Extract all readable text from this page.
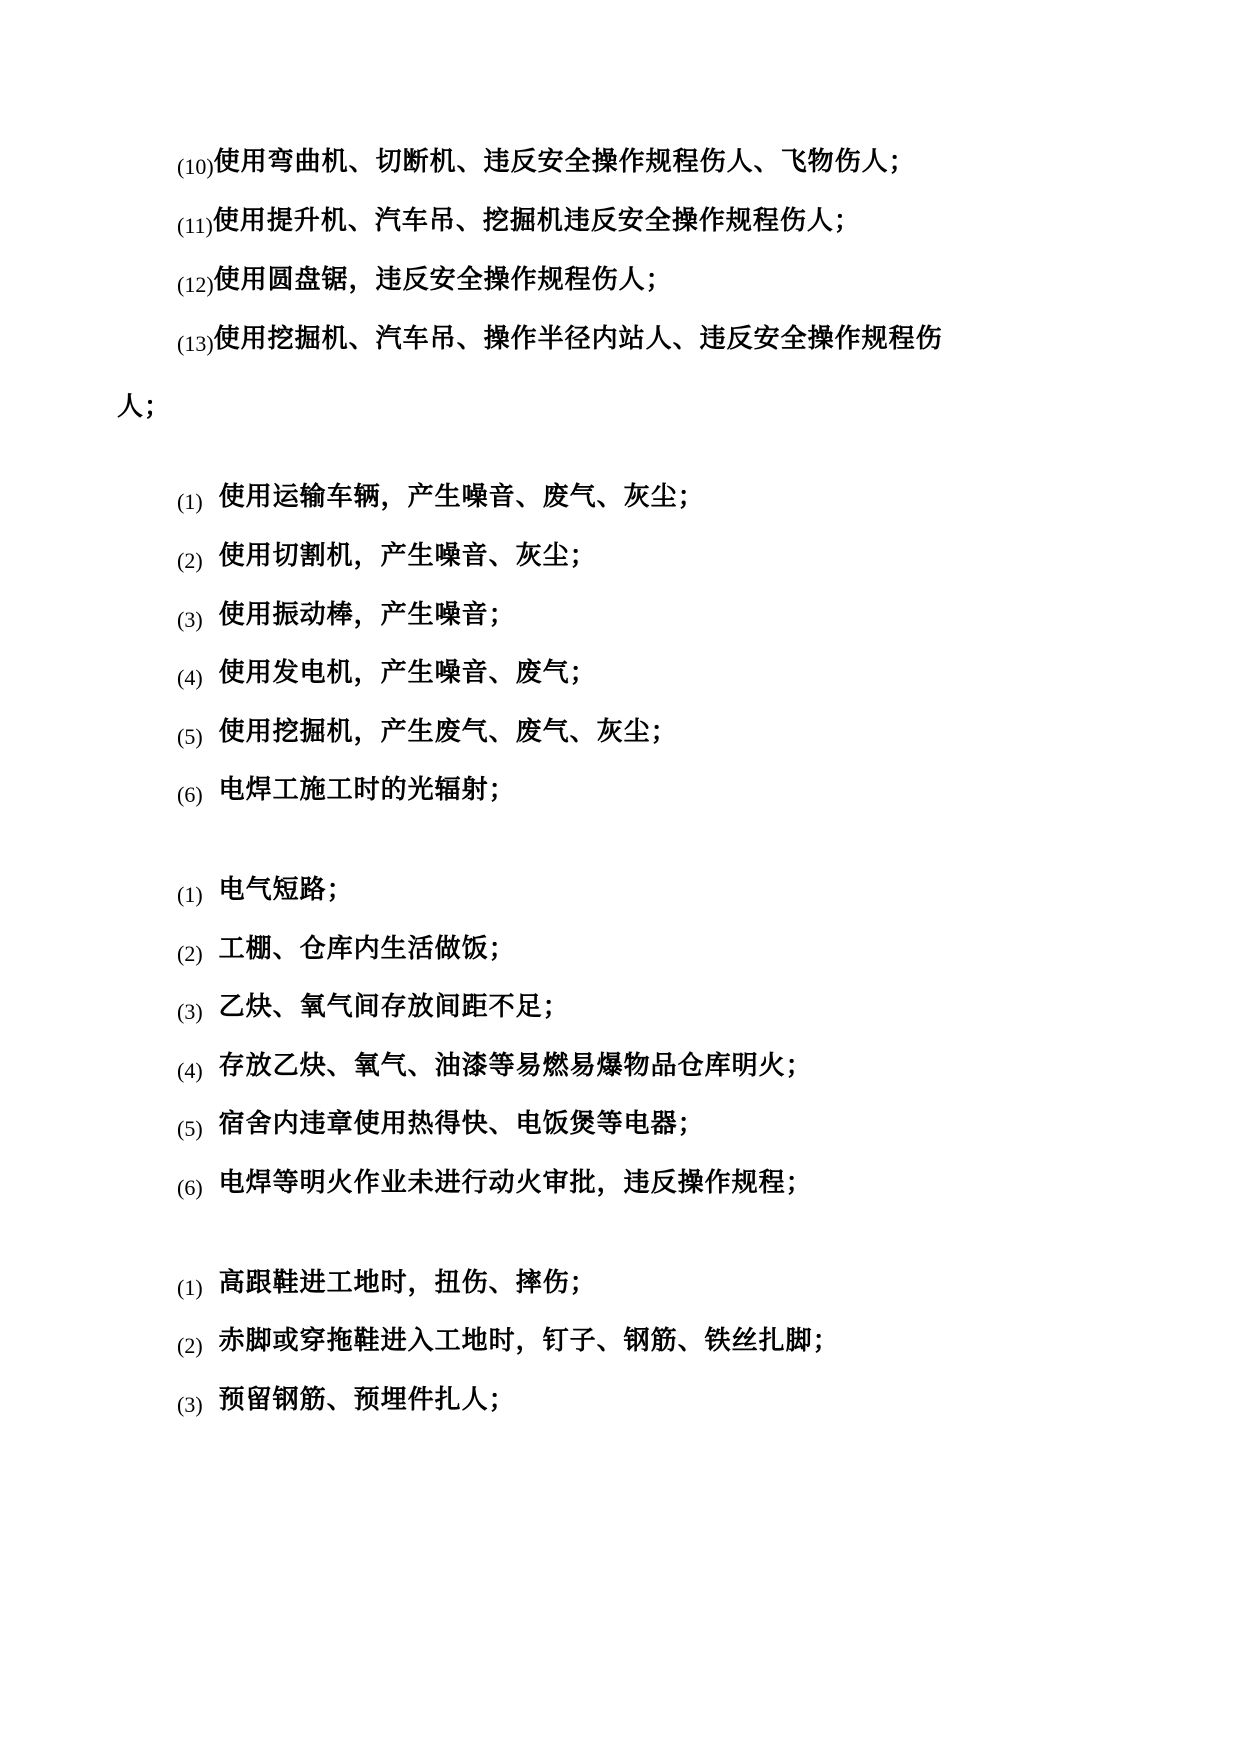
(10)使用弯曲机、切断机、违反安全操作规程伤人、飞物伤人；
(11)使用提升机、汽车吊、挖掘机违反安全操作规程伤人；
(12)使用圆盘锯，违反安全操作规程伤人；
(13)使用挖掘机、汽车吊、操作半径内站人、违反安全操作规程伤
人；
(1) 使用运输车辆，产生噪音、废气、灰尘；
(2) 使用切割机，产生噪音、灰尘；
(3) 使用振动棒，产生噪音；
(4) 使用发电机，产生噪音、废气；
(5) 使用挖掘机，产生废气、废气、灰尘；
(6) 电焊工施工时的光辐射；
(1) 电气短路；
(2) 工棚、仓库内生活做饭；
(3) 乙炔、氧气间存放间距不足；
(4) 存放乙炔、氧气、油漆等易燃易爆物品仓库明火；
(5) 宿舍内违章使用热得快、电饭煲等电器；
(6) 电焊等明火作业未进行动火审批，违反操作规程；
(1) 高跟鞋进工地时，扭伤、摔伤；
(2) 赤脚或穿拖鞋进入工地时，钉子、钢筋、铁丝扎脚；
(3) 预留钢筋、预埋件扎人；
